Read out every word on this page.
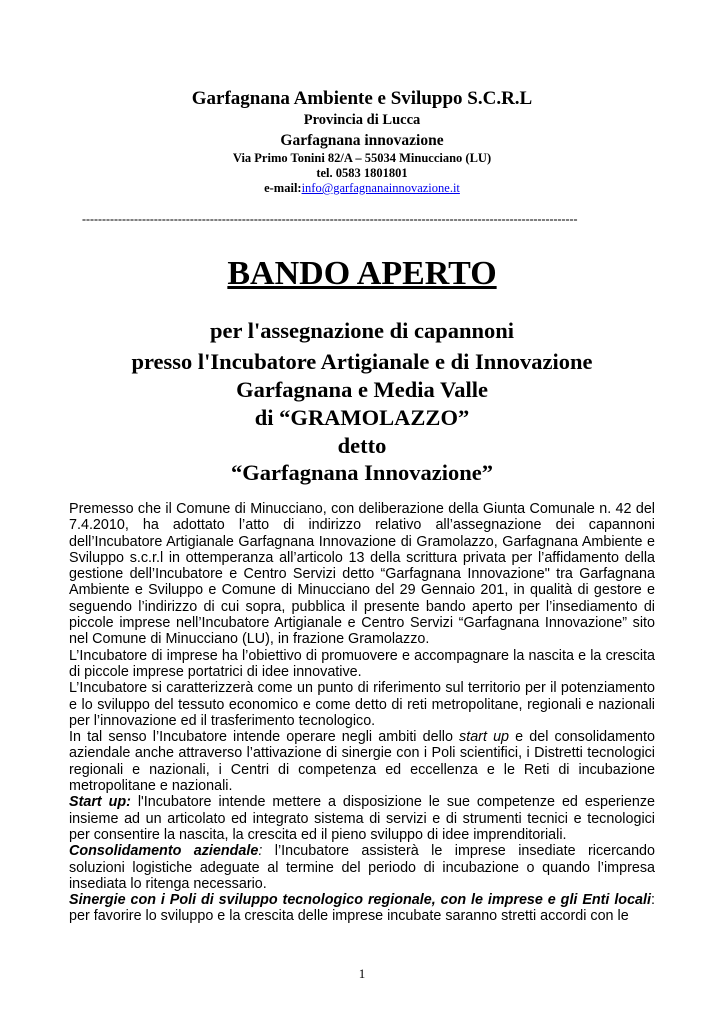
Garfagnana Ambiente e Sviluppo S.C.R.L
Provincia di Lucca
Garfagnana innovazione
Via Primo Tonini 82/A – 55034 Minucciano (LU)
tel. 0583 1801801
e-mail:info@garfagnanainnovazione.it
----------------------------------------------------------------------------------------------------------------------------
BANDO APERTO
per l'assegnazione di capannoni
presso l'Incubatore Artigianale e di Innovazione
Garfagnana e Media Valle
di “GRAMOLAZZO”
detto
“Garfagnana Innovazione”

Premesso che il Comune di Minucciano, con deliberazione della Giunta Comunale n. 42 del 7.4.2010, ha adottato l’atto di indirizzo relativo all’assegnazione dei capannoni dell’Incubatore Artigianale Garfagnana Innovazione di Gramolazzo, Garfagnana Ambiente e Sviluppo s.c.r.l in ottemperanza all’articolo 13 della scrittura privata per l’affidamento della gestione dell’Incubatore e Centro Servizi detto “Garfagnana Innovazione" tra Garfagnana Ambiente e Sviluppo e Comune di Minucciano del 29 Gennaio 201, in qualità di gestore e seguendo l’indirizzo di cui sopra, pubblica il presente bando aperto per l’insediamento di piccole imprese nell’Incubatore Artigianale e Centro Servizi “Garfagnana Innovazione” sito nel Comune di Minucciano (LU), in frazione Gramolazzo.

L’Incubatore di imprese ha l’obiettivo di promuovere e accompagnare la nascita e la crescita di piccole imprese portatrici di idee innovative.

L’Incubatore si caratterizzerà come un punto di riferimento sul territorio per il potenziamento e lo sviluppo del tessuto economico e come detto di reti metropolitane, regionali e nazionali per l’innovazione ed il trasferimento tecnologico.

In tal senso l’Incubatore intende operare negli ambiti dello start up e del consolidamento aziendale anche attraverso l’attivazione di sinergie con i Poli scientifici, i Distretti tecnologici regionali e nazionali, i Centri di competenza ed eccellenza e le Reti di incubazione metropolitane e nazionali.

Start up: l'Incubatore intende mettere a disposizione le sue competenze ed esperienze insieme ad un articolato ed integrato sistema di servizi e di strumenti tecnici e tecnologici per consentire la nascita, la crescita ed il pieno sviluppo di idee imprenditoriali.

Consolidamento aziendale: l’Incubatore assisterà le imprese insediate ricercando soluzioni logistiche adeguate al termine del periodo di incubazione o quando l’impresa insediata lo ritenga necessario.

Sinergie con i Poli di sviluppo tecnologico regionale, con le imprese e gli Enti locali: per favorire lo sviluppo e la crescita delle imprese incubate saranno stretti accordi con le

1
